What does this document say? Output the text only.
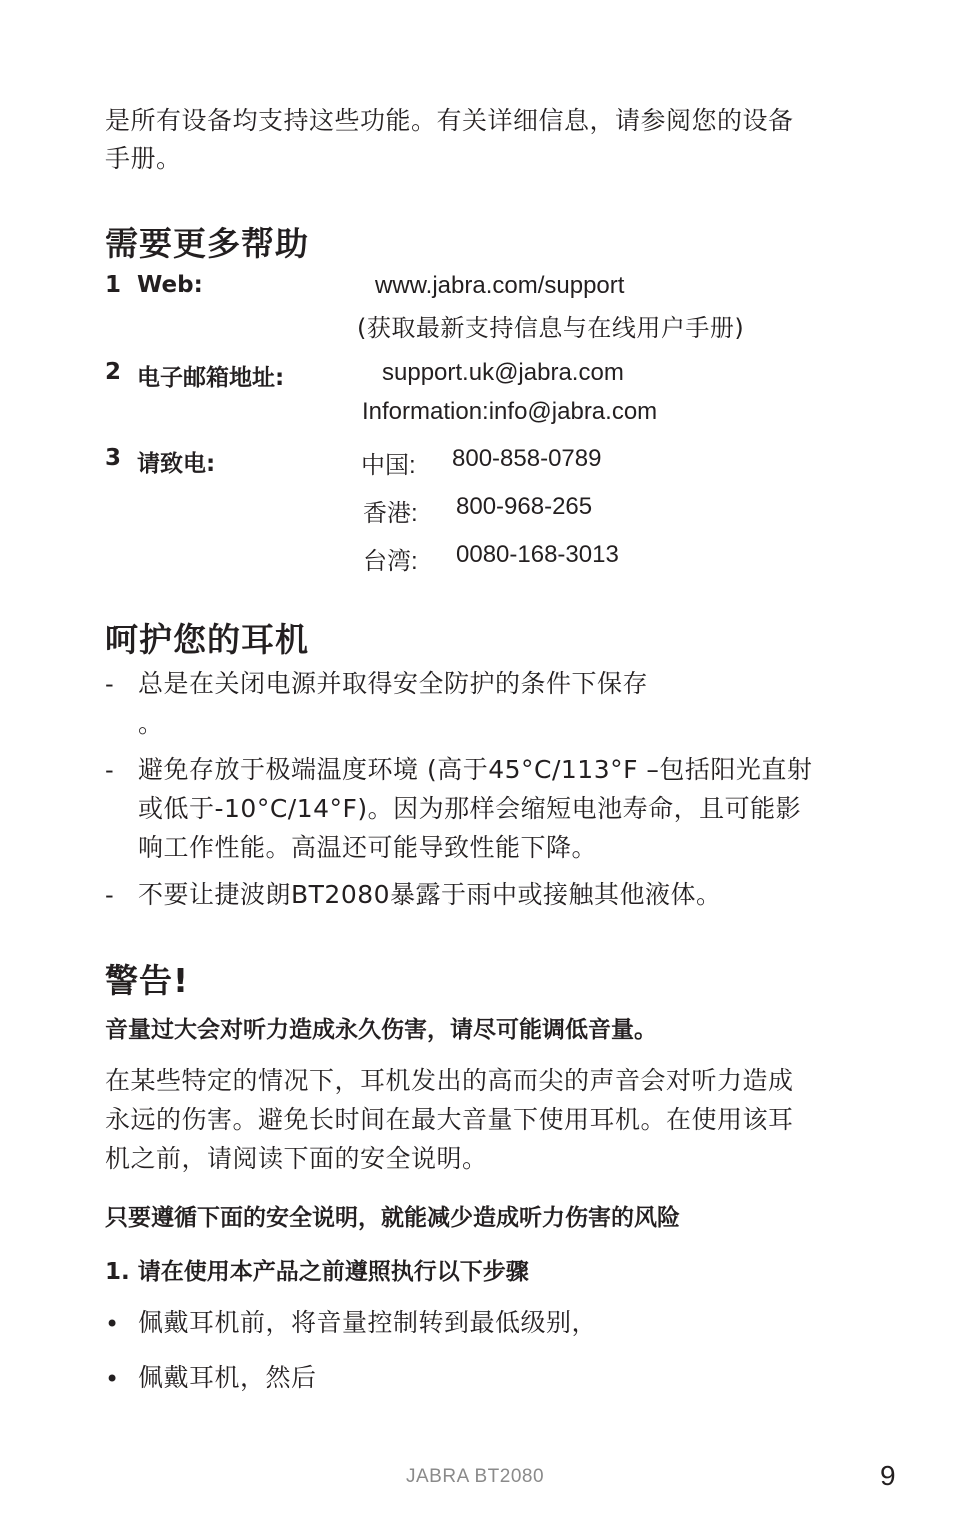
是所有设备均支持这些功能。有关详细信息，请参阅您的设备
手册。
需要更多帮助
1 Web:	www.jabra.com/support
(获取最新支持信息与在线用户手册)
2 电子邮箱地址:	support.uk@jabra.com
Information:info@jabra.com
3 请致电:	中国: 800-858-0789
香港: 800-968-265
台湾: 0080-168-3013
呵护您的耳机
- 总是在关闭电源并取得安全防护的条件下保存
。
- 避免存放于极端温度环境 (高于45°C/113°F –包括阳光直射
或低于-10°C/14°F)。因为那样会缩短电池寿命，且可能影
响工作性能。高温还可能导致性能下降。
- 不要让捷波朗BT2080暴露于雨中或接触其他液体。
警告!
音量过大会对听力造成永久伤害，请尽可能调低音量。
在某些特定的情况下，耳机发出的高而尖的声音会对听力造成
永远的伤害。避免长时间在最大音量下使用耳机。在使用该耳
机之前，请阅读下面的安全说明。
只要遵循下面的安全说明，就能减少造成听力伤害的风险
1. 请在使用本产品之前遵照执行以下步骤
• 佩戴耳机前，将音量控制转到最低级别，
• 佩戴耳机，然后
JABRA BT2080	9
